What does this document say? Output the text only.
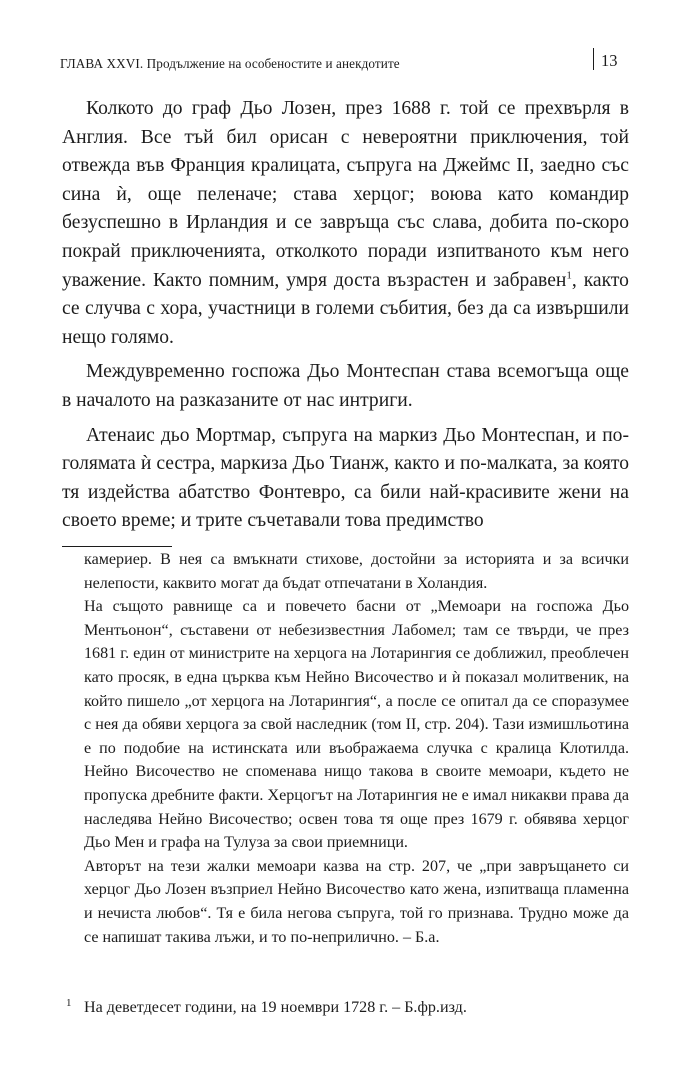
ГЛАВА XXVI. Продължение на особеностите и анекдотите	13

Колкото до граф Дьо Лозен, през 1688 г. той се прехвърля в Англия. Все тъй бил орисан с невероятни приключения, той отвежда във Франция кралицата, съпруга на Джеймс II, заедно със сина ѝ, още пеленаче; става херцог; воюва като командир безуспешно в Ирландия и се завръща със слава, добита по-скоро покрай приключенията, отколкото поради изпитваното към него уважение. Както помним, умря доста възрастен и забравен$^1$, както се случва с хора, участници в големи събития, без да са извършили нещо голямо.

Междувременно госпожа Дьо Монтеспан става всемогъща още в началото на разказаните от нас интриги.

Атенаис дьо Мортмар, съпруга на маркиз Дьо Монтеспан, и по-голямата ѝ сестра, маркиза Дьо Тианж, както и по-малката, за която тя издейства абатство Фонтевро, са били най-красивите жени на своето време; и трите съчетавали това предимство

камериер. В нея са вмъкнати стихове, достойни за историята и за всички нелепости, каквито могат да бъдат отпечатани в Холандия.

На същото равнище са и повечето басни от „Мемоари на госпожа Дьо Ментьонон“, съставени от небезизвестния Лабомел; там се твърди, че през 1681 г. един от министрите на херцога на Лотарингия се доближил, преоблечен като просяк, в една църква към Нейно Височество и ѝ показал молитвеник, на който пишело „от херцога на Лотарингия“, а после се опитал да се споразумее с нея да обяви херцога за свой наследник (том II, стр. 204). Тази измишльотина е по подобие на истинската или въображаема случка с кралица Клотилда. Нейно Височество не споменава нищо такова в своите мемоари, където не пропуска дребните факти. Херцогът на Лотарингия не е имал никакви права да наследява Нейно Височество; освен това тя още през 1679 г. обявява херцог Дьо Мен и графа на Тулуза за свои приемници.

Авторът на тези жалки мемоари казва на стр. 207, че „при завръщането си херцог Дьо Лозен възприел Нейно Височество като жена, изпитваща пламенна и нечиста любов“. Тя е била негова съпруга, той го признава. Трудно може да се напишат такива лъжи, и то по-неприлично. – Б.а.

1 На деветдесет години, на 19 ноември 1728 г. – Б.фр.изд.
